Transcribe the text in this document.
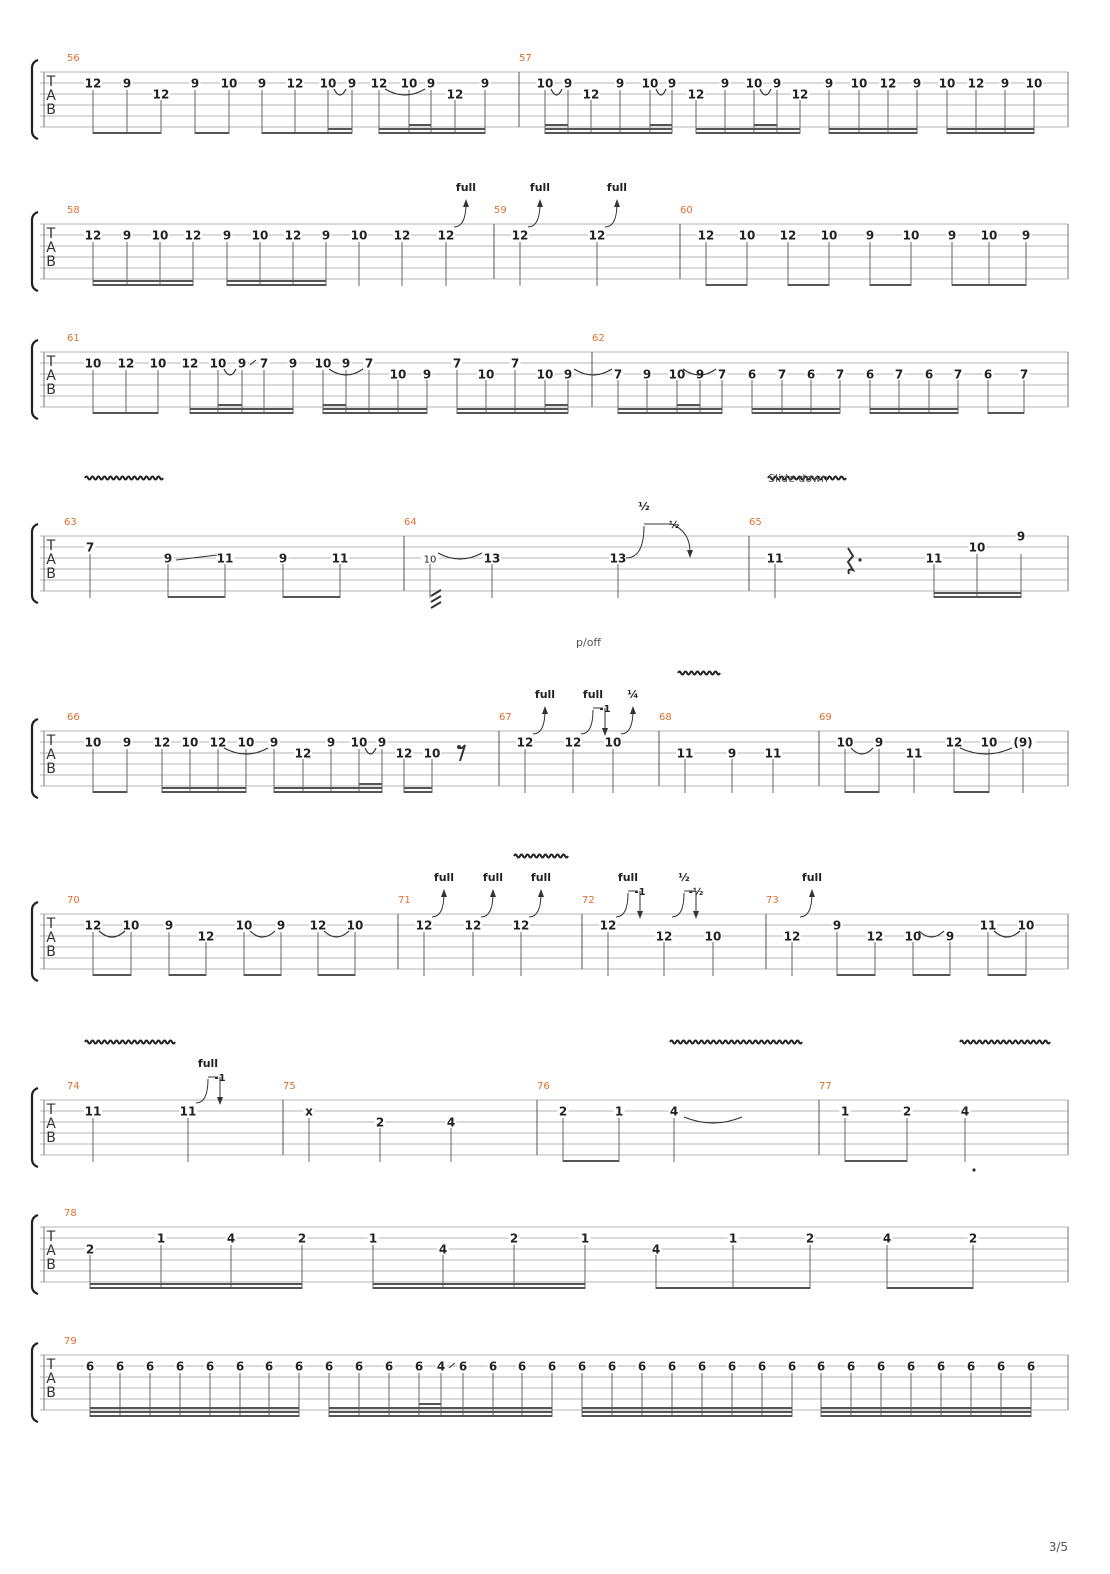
T
A
B
56
12 9
12
9 10 9 12 10 9 12 10 9
12
9
57
10 9
12
9 10 9
12
9 10 9
12
9 10 12 9 10 12 9 10
T
A
B
58
12 9 10 12 9 10 12 9 10 12 12
full
59
12	12
full	full
60
12 10 12 10 9 10 9 10 9
T
A
B
61
10 12 10 12 10 9 7 9 10 9 7
10 9
7
10
7
10 9
62
7 9 10 9 7 6 7 6 7 6 7 6 7 6 7
T
A
B
63
7
9	11	9	11
64
10	13	13
½
½	65
11	11
10
9
Slide down
T
A
B
66
10 9 12 10 12 10 9
12
9 10 9
12 10
p/off
67
12	12 10
full	¼
full
-1
68
11	9 11
69
10 9
11
12 10 (9)
T
A
B
70
12 10 9
12
10 9 12 10
71
12	12	12
full	full	full
72
12
12	10
full
-1
½
-½
73
12
9
12 10 9
11 10
full
T
A
B
74
11	11
full
-1
75
x
2	4
76
2	1	4
77
1	2	4
T
A
B
78
2
1	4	2	1
4
2	1
4
1	2	4	2
T
A
B
79
6 6 6 6 6 6 6 6 6 6 6 6 4 6 6 6 6 6 6 6 6 6 6 6 6 6 6 6 6 6 6 6 6
3/5
